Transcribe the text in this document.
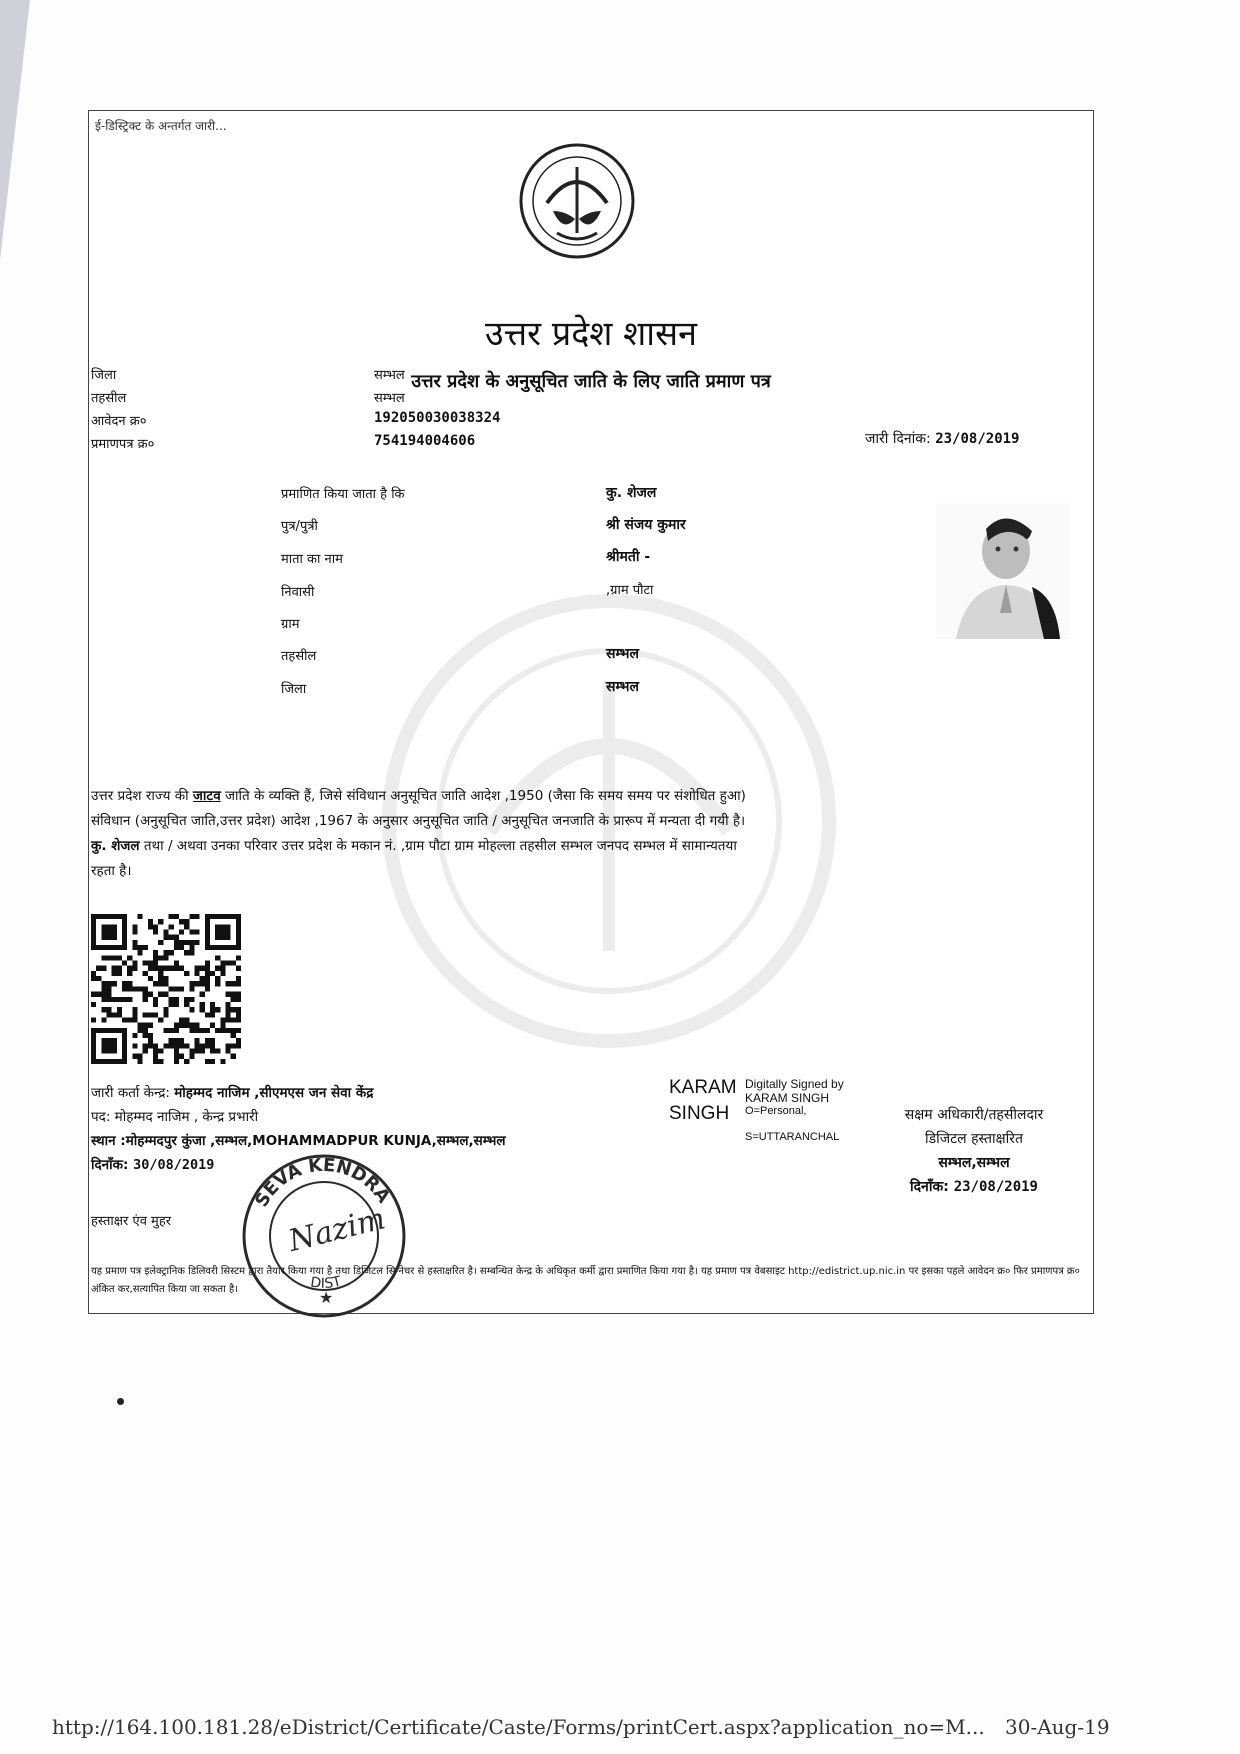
ई-डिस्ट्रिक्ट के अन्तर्गत जारी...
उत्तर प्रदेश शासन
उत्तर प्रदेश के अनुसूचित जाति के लिए जाति प्रमाण पत्र
जिला	सम्भल
तहसील	सम्भल
आवेदन क्र०	192050030038324
प्रमाणपत्र क्र०	754194004606	जारी दिनांक: 23/08/2019
प्रमाणित किया जाता है कि	कु. शेजल
पुत्र/पुत्री	श्री संजय कुमार
माता का नाम	श्रीमती -
निवासी	,ग्राम पौटा
ग्राम
तहसील	सम्भल
जिला	सम्भल
उत्तर प्रदेश राज्य की जाटव जाति के व्यक्ति हैं, जिसे संविधान अनुसूचित जाति आदेश ,1950 (जैसा कि समय समय पर संशोधित हुआ)
संविधान (अनुसूचित जाति,उत्तर प्रदेश) आदेश ,1967 के अनुसार अनुसूचित जाति / अनुसूचित जनजाति के प्रारूप में मन्यता दी गयी है।
कु. शेजल तथा / अथवा उनका परिवार उत्तर प्रदेश के मकान नं. ,ग्राम पौटा ग्राम मोहल्ला तहसील सम्भल जनपद सम्भल में सामान्यतया
रहता है।
जारी कर्ता केन्द्र: मोहम्मद नाजिम ,सीएमएस जन सेवा केंद्र
पद: मोहम्मद नाजिम , केन्द्र प्रभारी
स्थान :मोहम्मदपुर कुंजा ,सम्भल,MOHAMMADPUR KUNJA,सम्भल,सम्भल
दिनाँक: 30/08/2019
हस्ताक्षर एंव मुहर
KARAM
SINGH
Digitally Signed by
KARAM SINGH
O=Personal,
S=UTTARANCHAL
सक्षम अधिकारी/तहसीलदार
डिजिटल हस्ताक्षरित
सम्भल,सम्भल
दिनाँक: 23/08/2019
यह प्रमाण पत्र इलेक्ट्रानिक डिलिवरी सिस्टम द्वारा तैयार किया गया है तथा डिजिटल सिग्नेचर से हस्ताक्षरित है। सम्बन्धित केन्द्र के अधिकृत कर्मी द्वारा प्रमाणित किया गया है। यह प्रमाण पत्र वेबसाइट http://edistrict.up.nic.in पर इसका पहले आवेदन क्र० फिर प्रमाणपत्र क्र० अंकित कर,सत्यापित किया जा सकता है।
SEVA KENDRA
DIST
Nazim
★
http://164.100.181.28/eDistrict/Certificate/Caste/Forms/printCert.aspx?application_no=M... 30-Aug-19
